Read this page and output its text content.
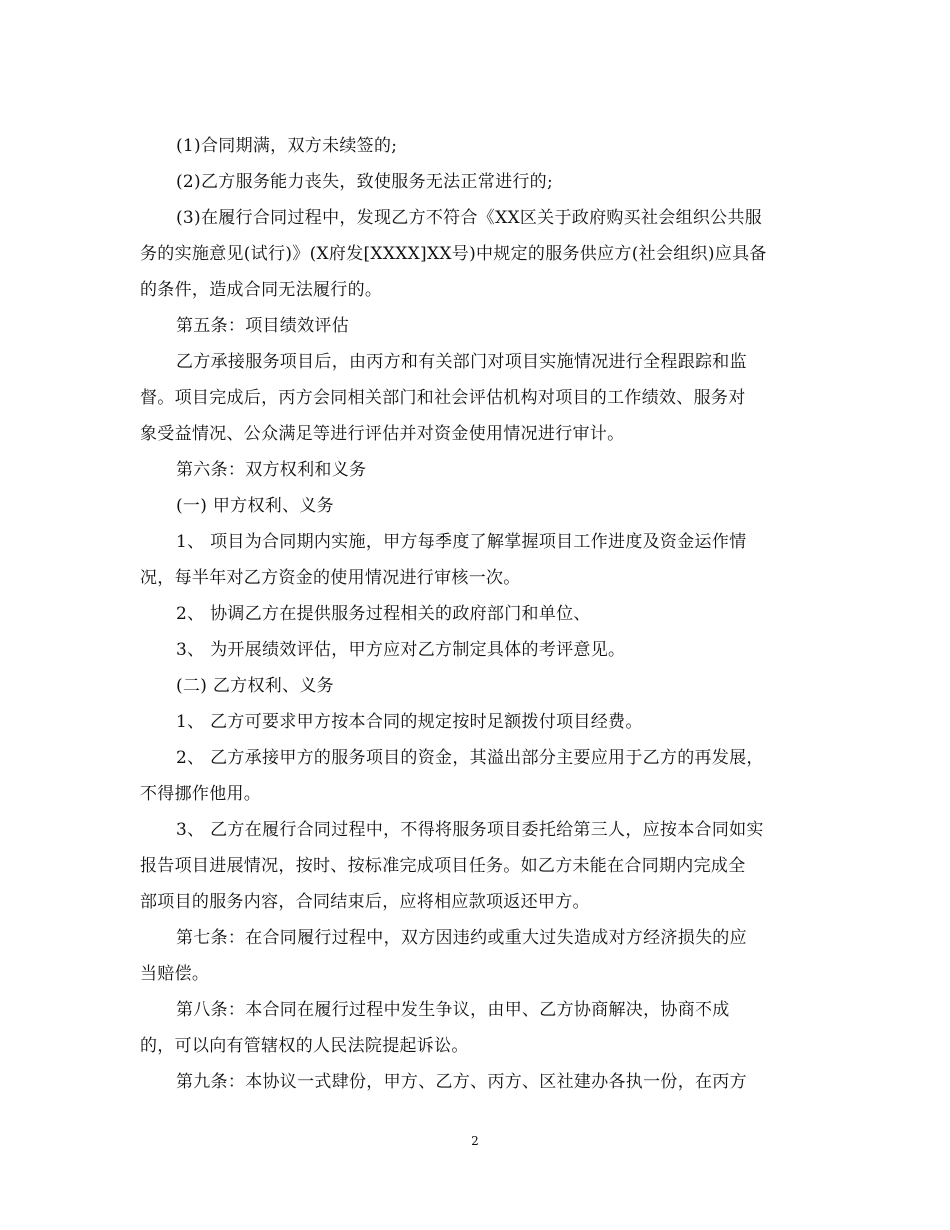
(1)合同期满，双方未续签的;

(2)乙方服务能力丧失，致使服务无法正常进行的;

(3)在履行合同过程中，发现乙方不符合《XX区关于政府购买社会组织公共服
务的实施意见(试行)》(X府发[XXXX]XX号)中规定的服务供应方(社会组织)应具备
的条件，造成合同无法履行的。

第五条：项目绩效评估

乙方承接服务项目后，由丙方和有关部门对项目实施情况进行全程跟踪和监
督。项目完成后，丙方会同相关部门和社会评估机构对项目的工作绩效、服务对
象受益情况、公众满足等进行评估并对资金使用情况进行审计。

第六条：双方权利和义务

(一) 甲方权利、义务

1、 项目为合同期内实施，甲方每季度了解掌握项目工作进度及资金运作情
况，每半年对乙方资金的使用情况进行审核一次。

2、 协调乙方在提供服务过程相关的政府部门和单位、

3、 为开展绩效评估，甲方应对乙方制定具体的考评意见。

(二) 乙方权利、义务

1、 乙方可要求甲方按本合同的规定按时足额拨付项目经费。

2、 乙方承接甲方的服务项目的资金，其溢出部分主要应用于乙方的再发展，
不得挪作他用。

3、 乙方在履行合同过程中，不得将服务项目委托给第三人，应按本合同如实
报告项目进展情况，按时、按标准完成项目任务。如乙方未能在合同期内完成全
部项目的服务内容，合同结束后，应将相应款项返还甲方。

第七条：在合同履行过程中，双方因违约或重大过失造成对方经济损失的应
当赔偿。

第八条：本合同在履行过程中发生争议，由甲、乙方协商解决，协商不成
的，可以向有管辖权的人民法院提起诉讼。

第九条：本协议一式肆份，甲方、乙方、丙方、区社建办各执一份，在丙方

2
